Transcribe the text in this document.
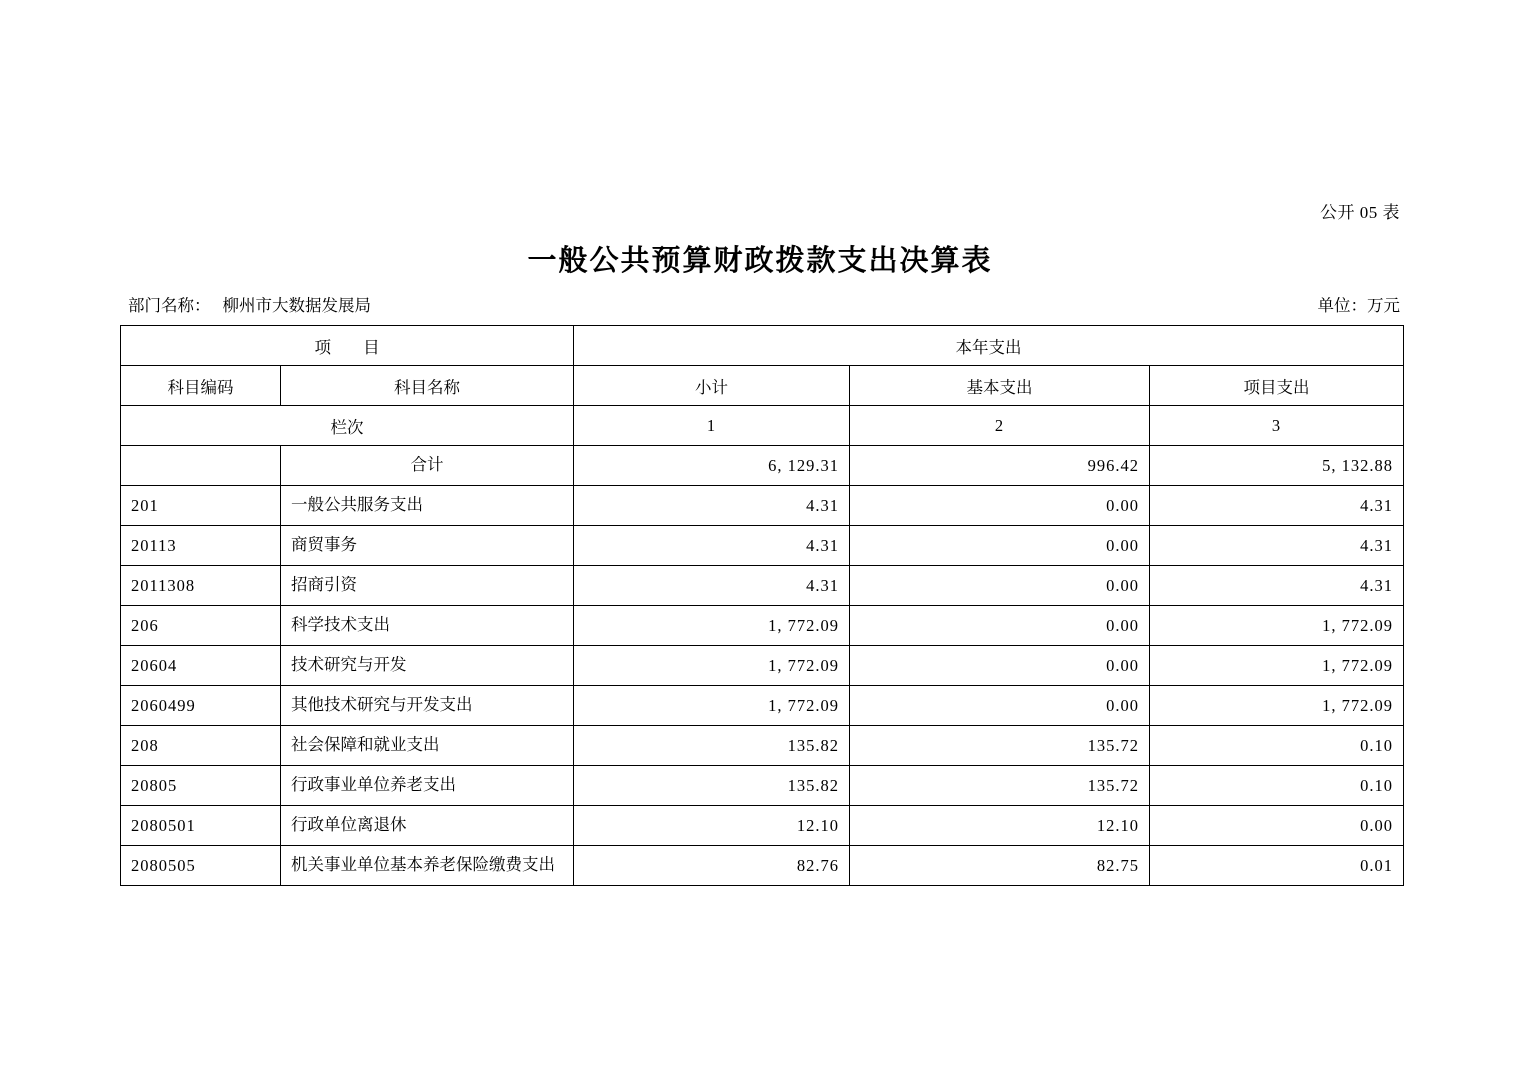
公开 05 表
一般公共预算财政拨款支出决算表
部门名称： 柳州市大数据发展局	单位：万元
项 目		本年支出		
科目编码	科目名称	小计	基本支出	项目支出
栏次		1	2	3
	合计	6, 129.31	996.42	5, 132.88
201	一般公共服务支出	4.31	0.00	4.31
20113	商贸事务	4.31	0.00	4.31
2011308	招商引资	4.31	0.00	4.31
206	科学技术支出	1, 772.09	0.00	1, 772.09
20604	技术研究与开发	1, 772.09	0.00	1, 772.09
2060499	其他技术研究与开发支出	1, 772.09	0.00	1, 772.09
208	社会保障和就业支出	135.82	135.72	0.10
20805	行政事业单位养老支出	135.82	135.72	0.10
2080501	行政单位离退休	12.10	12.10	0.00
2080505	机关事业单位基本养老保险缴费支出	82.76	82.75	0.01
